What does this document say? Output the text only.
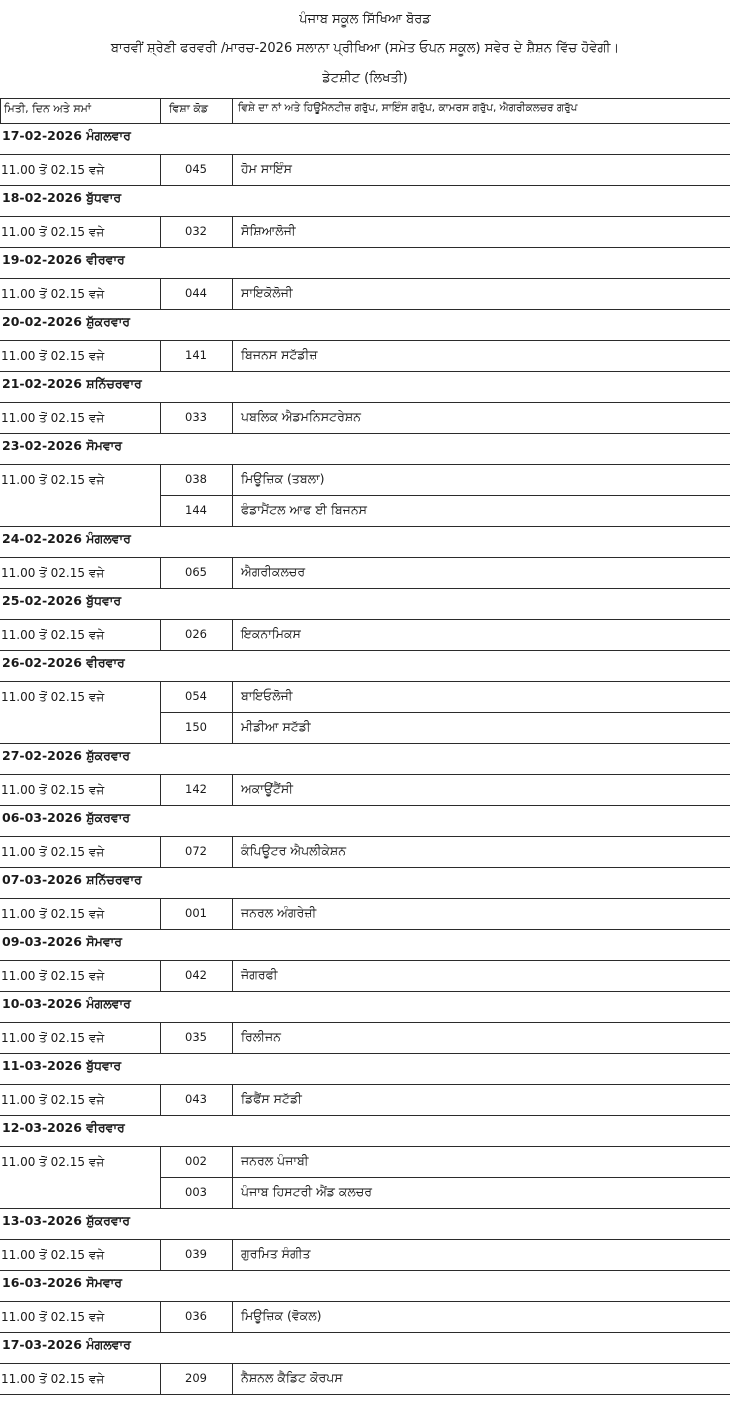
ਪੰਜਾਬ ਸਕੂਲ ਸਿੱਖਿਆ ਬੋਰਡ
ਬਾਰਵੀਂ ਸ਼੍ਰੇਣੀ ਫਰਵਰੀ /ਮਾਰਚ-2026 ਸਲਾਨਾ ਪ੍ਰੀਖਿਆ (ਸਮੇਤ ਓਪਨ ਸਕੂਲ) ਸਵੇਰ ਦੇ ਸ਼ੈਸ਼ਨ ਵਿੱਚ ਹੋਵੇਗੀ।
ਡੇਟਸ਼ੀਟ (ਲਿਖਤੀ)
ਮਿਤੀ, ਦਿਨ ਅਤੇ ਸਮਾਂ	ਵਿਸ਼ਾ ਕੋਡ	ਵਿਸ਼ੇ ਦਾ ਨਾਂ ਅਤੇ ਹਿਊਮੈਨਟੀਜ਼ ਗਰੁੱਪ, ਸਾਇੰਸ ਗਰੁੱਪ, ਕਾਮਰਸ ਗਰੁੱਪ, ਐਗਰੀਕਲਚਰ ਗਰੁੱਪ
17-02-2026 ਮੰਗਲਵਾਰ
11.00 ਤੋਂ 02.15 ਵਜੇ	045	ਹੋਮ ਸਾਇੰਸ
18-02-2026 ਬੁੱਧਵਾਰ
11.00 ਤੋਂ 02.15 ਵਜੇ	032	ਸੋਸ਼ਿਆਲੋਜੀ
19-02-2026 ਵੀਰਵਾਰ
11.00 ਤੋਂ 02.15 ਵਜੇ	044	ਸਾਇਕੋਲੋਜੀ
20-02-2026 ਸ਼ੁੱਕਰਵਾਰ
11.00 ਤੋਂ 02.15 ਵਜੇ	141	ਬਿਜਨਸ ਸਟੱਡੀਜ਼
21-02-2026 ਸ਼ਨਿੱਚਰਵਾਰ
11.00 ਤੋਂ 02.15 ਵਜੇ	033	ਪਬਲਿਕ ਐਡਮਨਿਸਟਰੇਸ਼ਨ
23-02-2026 ਸੋਮਵਾਰ
11.00 ਤੋਂ 02.15 ਵਜੇ	038	ਮਿਊਜ਼ਿਕ (ਤਬਲਾ)
144	ਫੰਡਾਮੈਂਟਲ ਆਫ ਈ ਬਿਜਨਸ
24-02-2026 ਮੰਗਲਵਾਰ
11.00 ਤੋਂ 02.15 ਵਜੇ	065	ਐਗਰੀਕਲਚਰ
25-02-2026 ਬੁੱਧਵਾਰ
11.00 ਤੋਂ 02.15 ਵਜੇ	026	ਇਕਨਾਮਿਕਸ
26-02-2026 ਵੀਰਵਾਰ
11.00 ਤੋਂ 02.15 ਵਜੇ	054	ਬਾਇਓਲੋਜੀ
150	ਮੀਡੀਆ ਸਟੱਡੀ
27-02-2026 ਸ਼ੁੱਕਰਵਾਰ
11.00 ਤੋਂ 02.15 ਵਜੇ	142	ਅਕਾਊਂਟੈਂਸੀ
06-03-2026 ਸ਼ੁੱਕਰਵਾਰ
11.00 ਤੋਂ 02.15 ਵਜੇ	072	ਕੰਪਿਊਟਰ ਐਪਲੀਕੇਸ਼ਨ
07-03-2026 ਸ਼ਨਿੱਚਰਵਾਰ
11.00 ਤੋਂ 02.15 ਵਜੇ	001	ਜਨਰਲ ਅੰਗਰੇਜ਼ੀ
09-03-2026 ਸੋਮਵਾਰ
11.00 ਤੋਂ 02.15 ਵਜੇ	042	ਜੋਗਰਫੀ
10-03-2026 ਮੰਗਲਵਾਰ
11.00 ਤੋਂ 02.15 ਵਜੇ	035	ਰਿਲੀਜਨ
11-03-2026 ਬੁੱਧਵਾਰ
11.00 ਤੋਂ 02.15 ਵਜੇ	043	ਡਿਫੈਂਸ ਸਟੱਡੀ
12-03-2026 ਵੀਰਵਾਰ
11.00 ਤੋਂ 02.15 ਵਜੇ	002	ਜਨਰਲ ਪੰਜਾਬੀ
003	ਪੰਜਾਬ ਹਿਸਟਰੀ ਐਂਡ ਕਲਚਰ
13-03-2026 ਸ਼ੁੱਕਰਵਾਰ
11.00 ਤੋਂ 02.15 ਵਜੇ	039	ਗੁਰਮਿਤ ਸੰਗੀਤ
16-03-2026 ਸੋਮਵਾਰ
11.00 ਤੋਂ 02.15 ਵਜੇ	036	ਮਿਊਜ਼ਿਕ (ਵੋਕਲ)
17-03-2026 ਮੰਗਲਵਾਰ
11.00 ਤੋਂ 02.15 ਵਜੇ	209	ਨੈਸ਼ਨਲ ਕੈਡਿਟ ਕੋਰਪਸ
